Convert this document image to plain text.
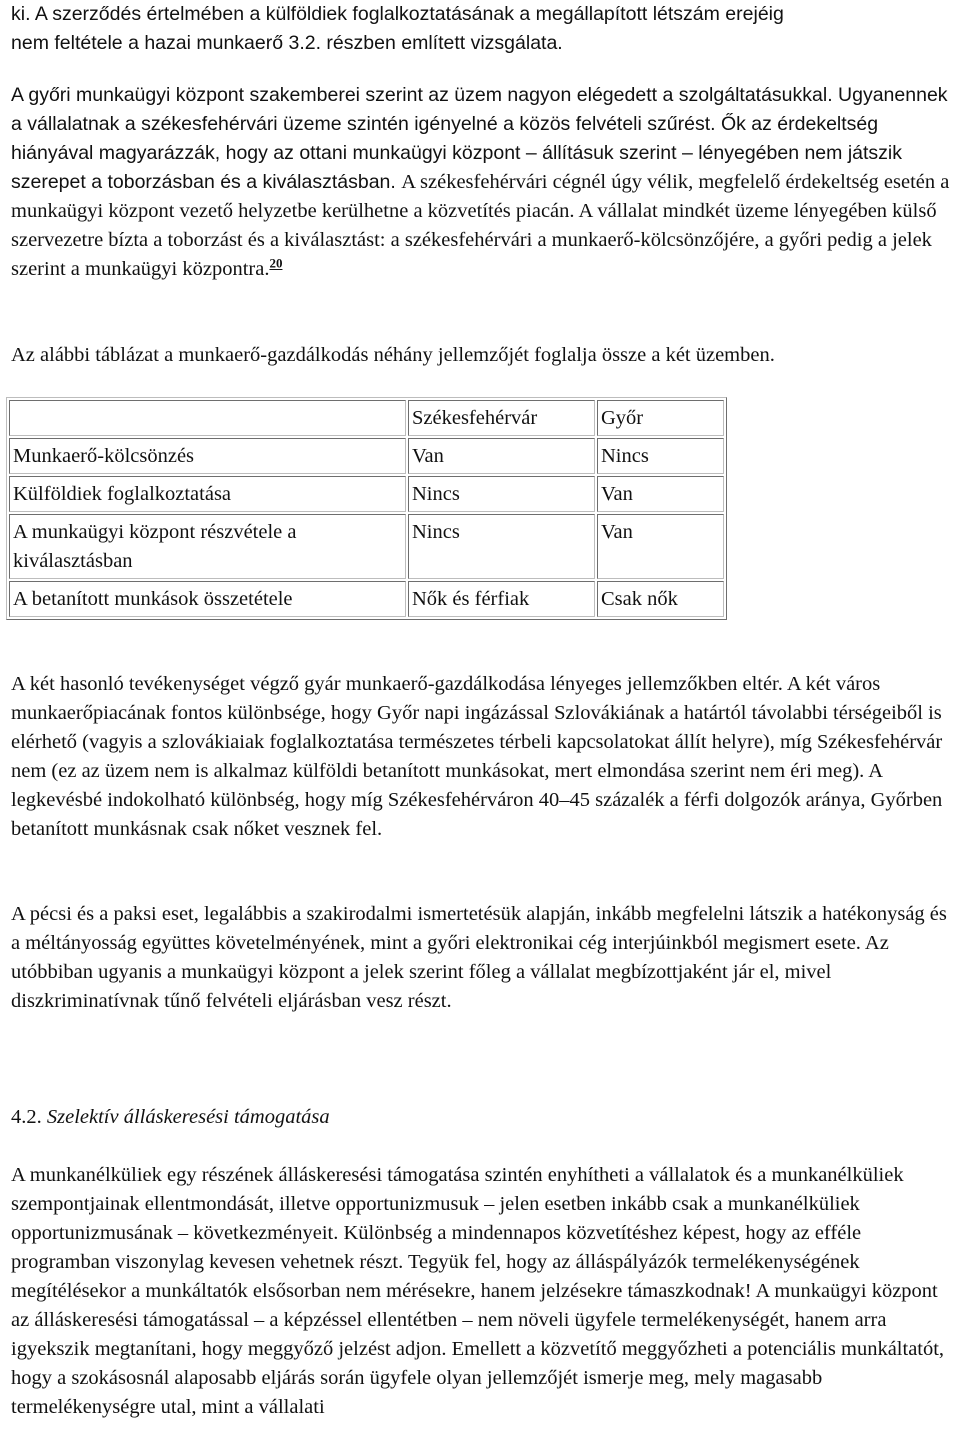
ki. A szerződés értelmében a külföldiek foglalkoztatásának a megállapított létszám erejéig

nem feltétele a hazai munkaerő 3.2. részben említett vizsgálata.

A győri munkaügyi központ szakemberei szerint az üzem nagyon elégedett a szolgáltatásukkal. Ugyanennek a vállalatnak a székesfehérvári üzeme szintén igényelné a közös felvételi szűrést. Ők az érdekeltség hiányával magyarázzák, hogy az ottani munkaügyi központ – állításuk szerint – lényegében nem játszik szerepet a toborzásban és a kiválasztásban. A székesfehérvári cégnél úgy vélik, megfelelő érdekeltség esetén a munkaügyi központ vezető helyzetbe kerülhetne a közvetítés piacán. A vállalat mindkét üzeme lényegében külső szervezetre bízta a toborzást és a kiválasztást: a székesfehérvári a munkaerő-kölcsönzőjére, a győri pedig a jelek szerint a munkaügyi központra.$^{20}$

Az alábbi táblázat a munkaerő-gazdálkodás néhány jellemzőjét foglalja össze a két üzemben.

A két hasonló tevékenységet végző gyár munkaerő-gazdálkodása lényeges jellemzőkben eltér. A két város munkaerőpiacának fontos különbsége, hogy Győr napi ingázással Szlovákiának a határtól távolabbi térségeiből is elérhető (vagyis a szlovákiaiak foglalkoztatása természetes térbeli kapcsolatokat állít helyre), míg Székesfehérvár nem (ez az üzem nem is alkalmaz külföldi betanított munkásokat, mert elmondása szerint nem éri meg). A legkevésbé indokolható különbség, hogy míg Székesfehérváron 40–45 százalék a férfi dolgozók aránya, Győrben betanított munkásnak csak nőket vesznek fel.

A pécsi és a paksi eset, legalábbis a szakirodalmi ismertetésük alapján, inkább megfelelni látszik a hatékonyság és a méltányosság együttes követelményének, mint a győri elektronikai cég interjúinkból megismert esete. Az utóbbiban ugyanis a munkaügyi központ a jelek szerint főleg a vállalat megbízottjaként jár el, mivel diszkriminatívnak tűnő felvételi eljárásban vesz részt.

4.2. Szelektív álláskeresési támogatása

A munkanélküliek egy részének álláskeresési támogatása szintén enyhítheti a vállalatok és a munkanélküliek szempontjainak ellentmondását, illetve opportunizmusuk – jelen esetben inkább csak a munkanélküliek opportunizmusának – következményeit. Különbség a mindennapos közvetítéshez képest, hogy az efféle programban viszonylag kevesen vehetnek részt. Tegyük fel, hogy az álláspályázók termelékenységének megítélésekor a munkáltatók elsősorban nem mérésekre, hanem jelzésekre támaszkodnak! A munkaügyi központ az álláskeresési támogatással – a képzéssel ellentétben – nem növeli ügyfele termelékenységét, hanem arra igyekszik megtanítani, hogy meggyőző jelzést adjon. Emellett a közvetítő meggyőzheti a potenciális munkáltatót, hogy a szokásosnál alaposabb eljárás során ügyfele olyan jellemzőjét ismerje meg, mely magasabb termelékenységre utal, mint a vállalati

	Székesfehérvár	Győr
Munkaerő-kölcsönzés	Van	Nincs
Külföldiek foglalkoztatása	Nincs	Van
A munkaügyi központ részvétele a kiválasztásban	Nincs	Van
A betanított munkások összetétele	Nők és férfiak	Csak nők
